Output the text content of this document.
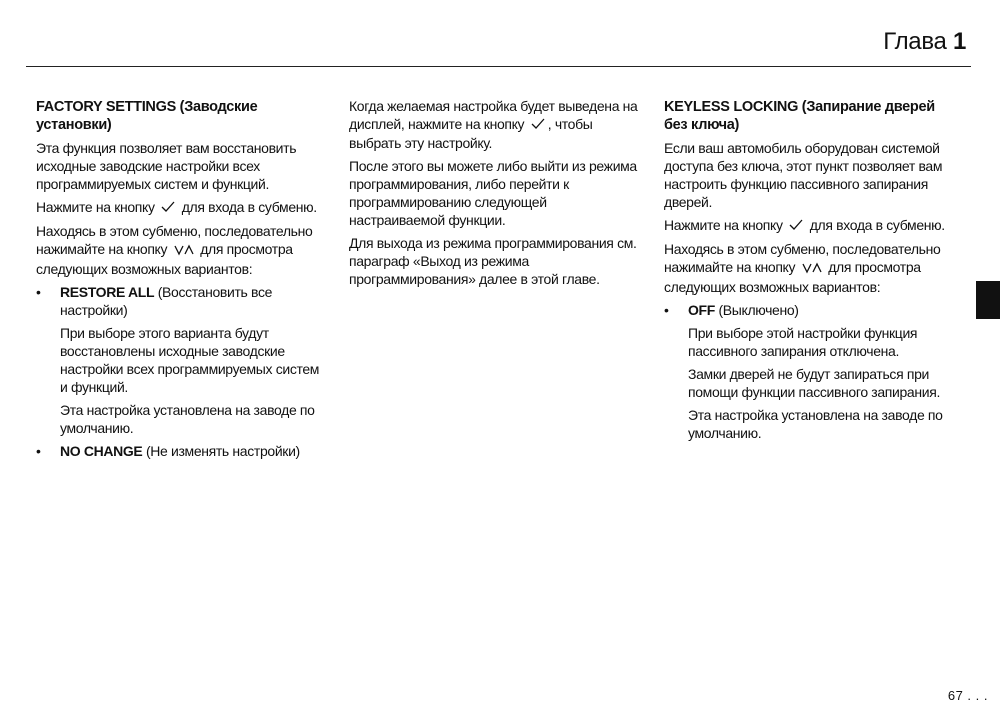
Глава 1
FACTORY SETTINGS (Заводские установки)

Эта функция позволяет вам восстановить исходные заводские настройки всех программируемых систем и функций.

Нажмите на кнопку для входа в субменю.

Находясь в этом субменю, последовательно нажимайте на кнопку для просмотра следующих возможных вариантов:

• RESTORE ALL (Восстановить все настройки)

При выборе этого варианта будут восстановлены исходные заводские настройки всех программируемых систем и функций.

Эта настройка установлена на заводе по умолчанию.

• NO CHANGE (Не изменять настройки)

Когда желаемая настройка будет выведена на дисплей, нажмите на кнопку , чтобы выбрать эту настройку.

После этого вы можете либо выйти из режима программирования, либо перейти к программированию следующей настраиваемой функции.

Для выхода из режима программирования см. параграф «Выход из режима программирования» далее в этой главе.

KEYLESS LOCKING (Запирание дверей без ключа)

Если ваш автомобиль оборудован системой доступа без ключа, этот пункт позволяет вам настроить функцию пассивного запирания дверей.

Нажмите на кнопку для входа в субменю.

Находясь в этом субменю, последовательно нажимайте на кнопку для просмотра следующих возможных вариантов:

• OFF (Выключено)

При выборе этой настройки функция пассивного запирания отключена.

Замки дверей не будут запираться при помощи функции пассивного запирания.

Эта настройка установлена на заводе по умолчанию.

67 . . .
